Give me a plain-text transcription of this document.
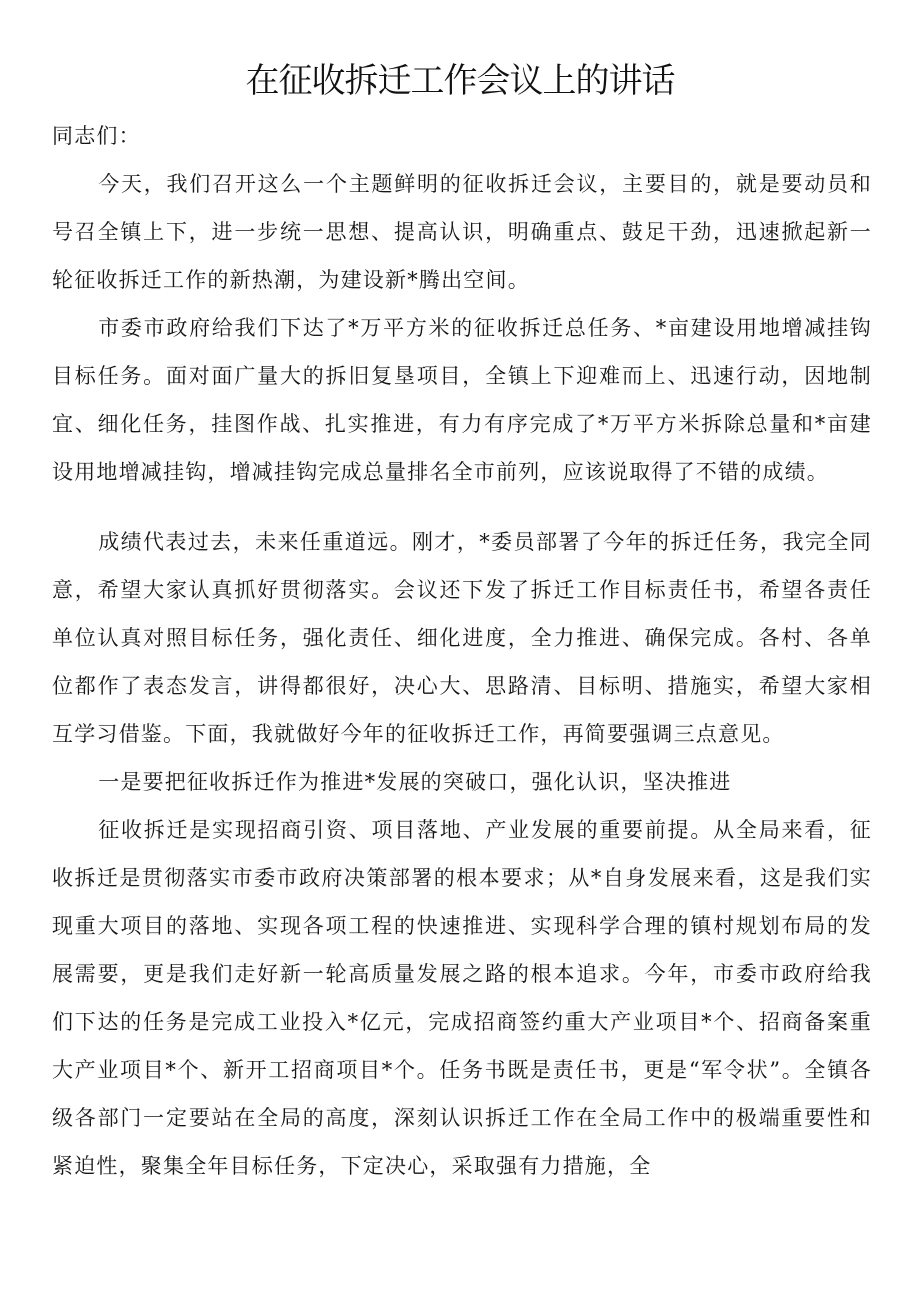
在征收拆迁工作会议上的讲话

同志们：

今天，我们召开这么一个主题鲜明的征收拆迁会议，主要目的，就是要动员和号召全镇上下，进一步统一思想、提高认识，明确重点、鼓足干劲，迅速掀起新一轮征收拆迁工作的新热潮，为建设新*腾出空间。

市委市政府给我们下达了*万平方米的征收拆迁总任务、*亩建设用地增减挂钩目标任务。面对面广量大的拆旧复垦项目，全镇上下迎难而上、迅速行动，因地制宜、细化任务，挂图作战、扎实推进，有力有序完成了*万平方米拆除总量和*亩建设用地增减挂钩，增减挂钩完成总量排名全市前列，应该说取得了不错的成绩。

成绩代表过去，未来任重道远。刚才，*委员部署了今年的拆迁任务，我完全同意，希望大家认真抓好贯彻落实。会议还下发了拆迁工作目标责任书，希望各责任单位认真对照目标任务，强化责任、细化进度，全力推进、确保完成。各村、各单位都作了表态发言，讲得都很好，决心大、思路清、目标明、措施实，希望大家相互学习借鉴。下面，我就做好今年的征收拆迁工作，再简要强调三点意见。

一是要把征收拆迁作为推进*发展的突破口，强化认识，坚决推进

征收拆迁是实现招商引资、项目落地、产业发展的重要前提。从全局来看，征收拆迁是贯彻落实市委市政府决策部署的根本要求；从*自身发展来看，这是我们实现重大项目的落地、实现各项工程的快速推进、实现科学合理的镇村规划布局的发展需要，更是我们走好新一轮高质量发展之路的根本追求。今年，市委市政府给我们下达的任务是完成工业投入*亿元，完成招商签约重大产业项目*个、招商备案重大产业项目*个、新开工招商项目*个。任务书既是责任书，更是“军令状”。全镇各级各部门一定要站在全局的高度，深刻认识拆迁工作在全局工作中的极端重要性和紧迫性，聚集全年目标任务，下定决心，采取强有力措施，全
